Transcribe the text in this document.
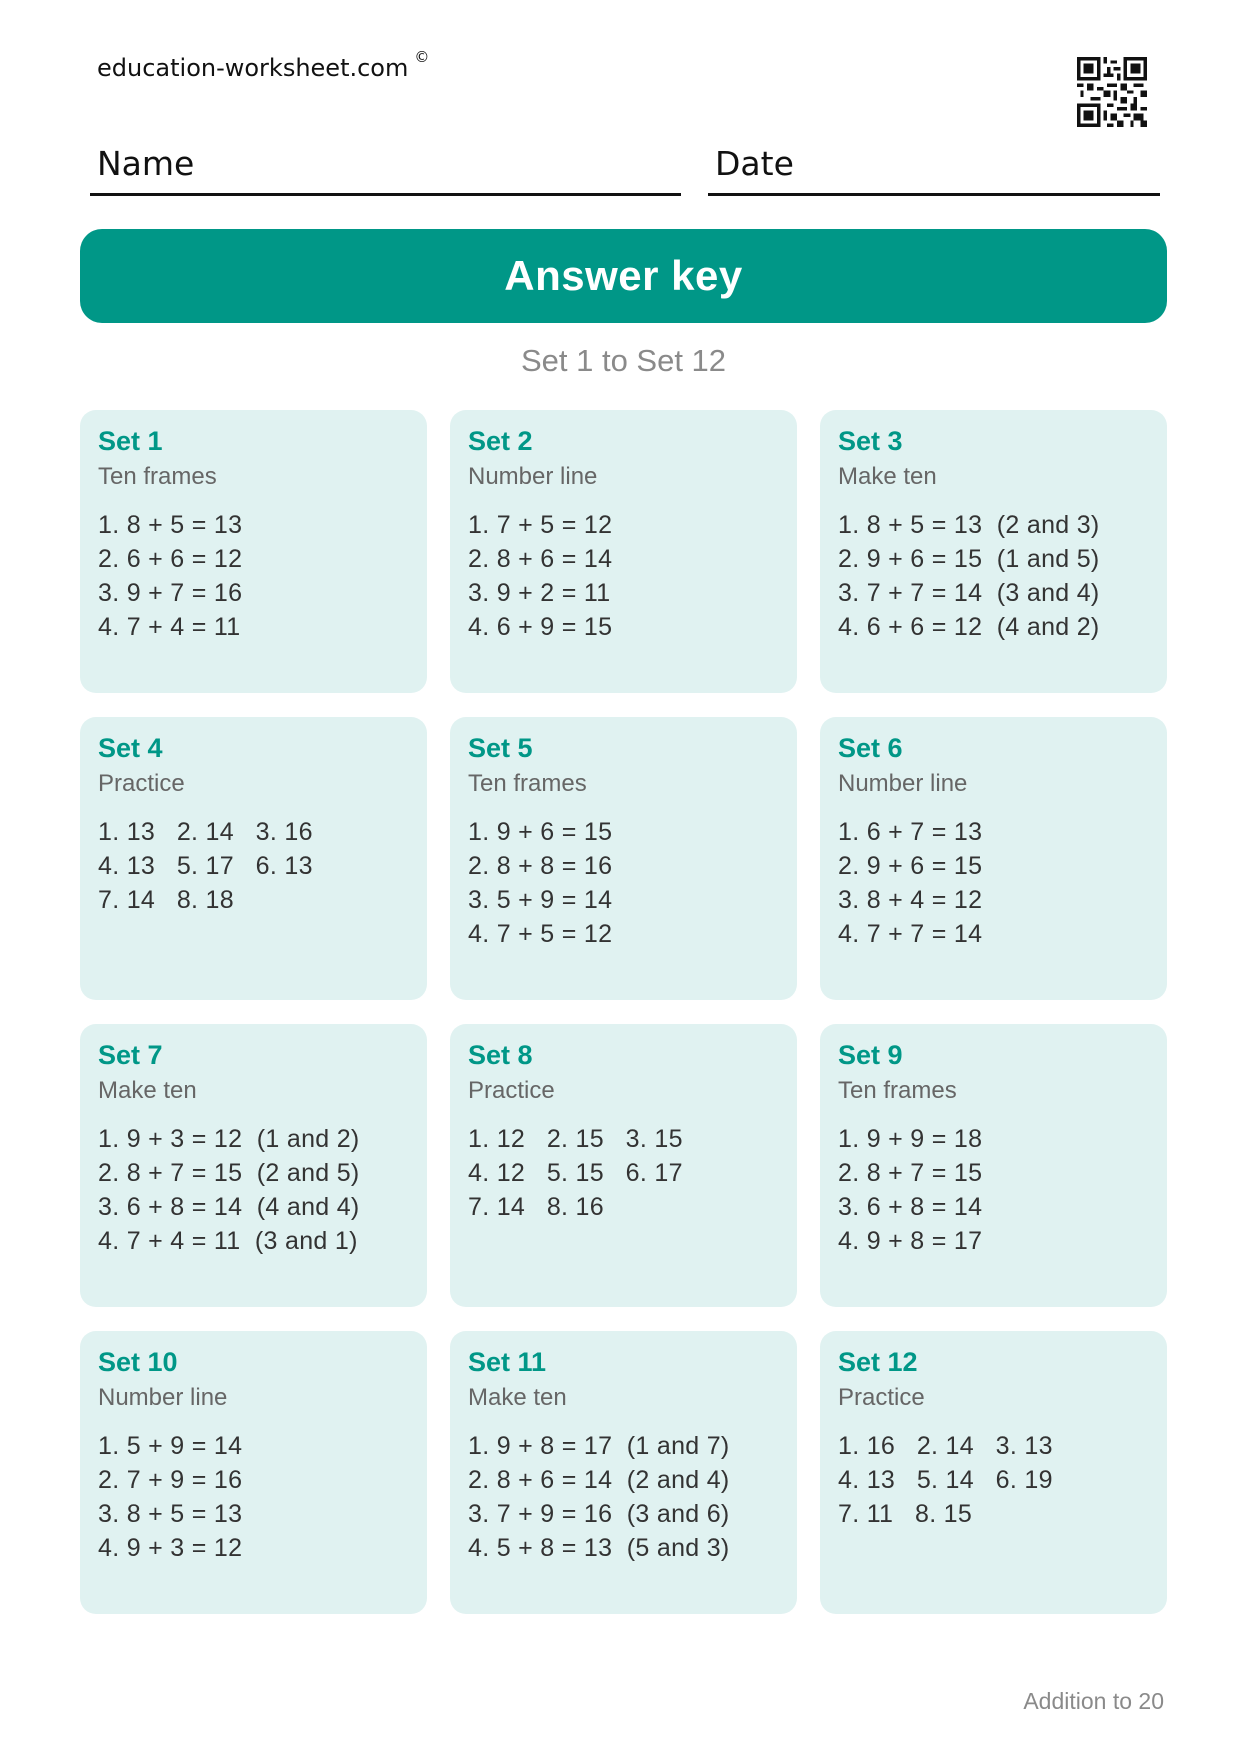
education-worksheet.com ©
Name	Date
Answer key
Set 1 to Set 12
Set 1
Ten frames
1. 8 + 5 = 13
2. 6 + 6 = 12
3. 9 + 7 = 16
4. 7 + 4 = 11
Set 2
Number line
1. 7 + 5 = 12
2. 8 + 6 = 14
3. 9 + 2 = 11
4. 6 + 9 = 15
Set 3
Make ten
1. 8 + 5 = 13  (2 and 3)
2. 9 + 6 = 15  (1 and 5)
3. 7 + 7 = 14  (3 and 4)
4. 6 + 6 = 12  (4 and 2)
Set 4
Practice
1. 13   2. 14   3. 16
4. 13   5. 17   6. 13
7. 14   8. 18
Set 5
Ten frames
1. 9 + 6 = 15
2. 8 + 8 = 16
3. 5 + 9 = 14
4. 7 + 5 = 12
Set 6
Number line
1. 6 + 7 = 13
2. 9 + 6 = 15
3. 8 + 4 = 12
4. 7 + 7 = 14
Set 7
Make ten
1. 9 + 3 = 12  (1 and 2)
2. 8 + 7 = 15  (2 and 5)
3. 6 + 8 = 14  (4 and 4)
4. 7 + 4 = 11  (3 and 1)
Set 8
Practice
1. 12   2. 15   3. 15
4. 12   5. 15   6. 17
7. 14   8. 16
Set 9
Ten frames
1. 9 + 9 = 18
2. 8 + 7 = 15
3. 6 + 8 = 14
4. 9 + 8 = 17
Set 10
Number line
1. 5 + 9 = 14
2. 7 + 9 = 16
3. 8 + 5 = 13
4. 9 + 3 = 12
Set 11
Make ten
1. 9 + 8 = 17  (1 and 7)
2. 8 + 6 = 14  (2 and 4)
3. 7 + 9 = 16  (3 and 6)
4. 5 + 8 = 13  (5 and 3)
Set 12
Practice
1. 16   2. 14   3. 13
4. 13   5. 14   6. 19
7. 11   8. 15
Addition to 20
